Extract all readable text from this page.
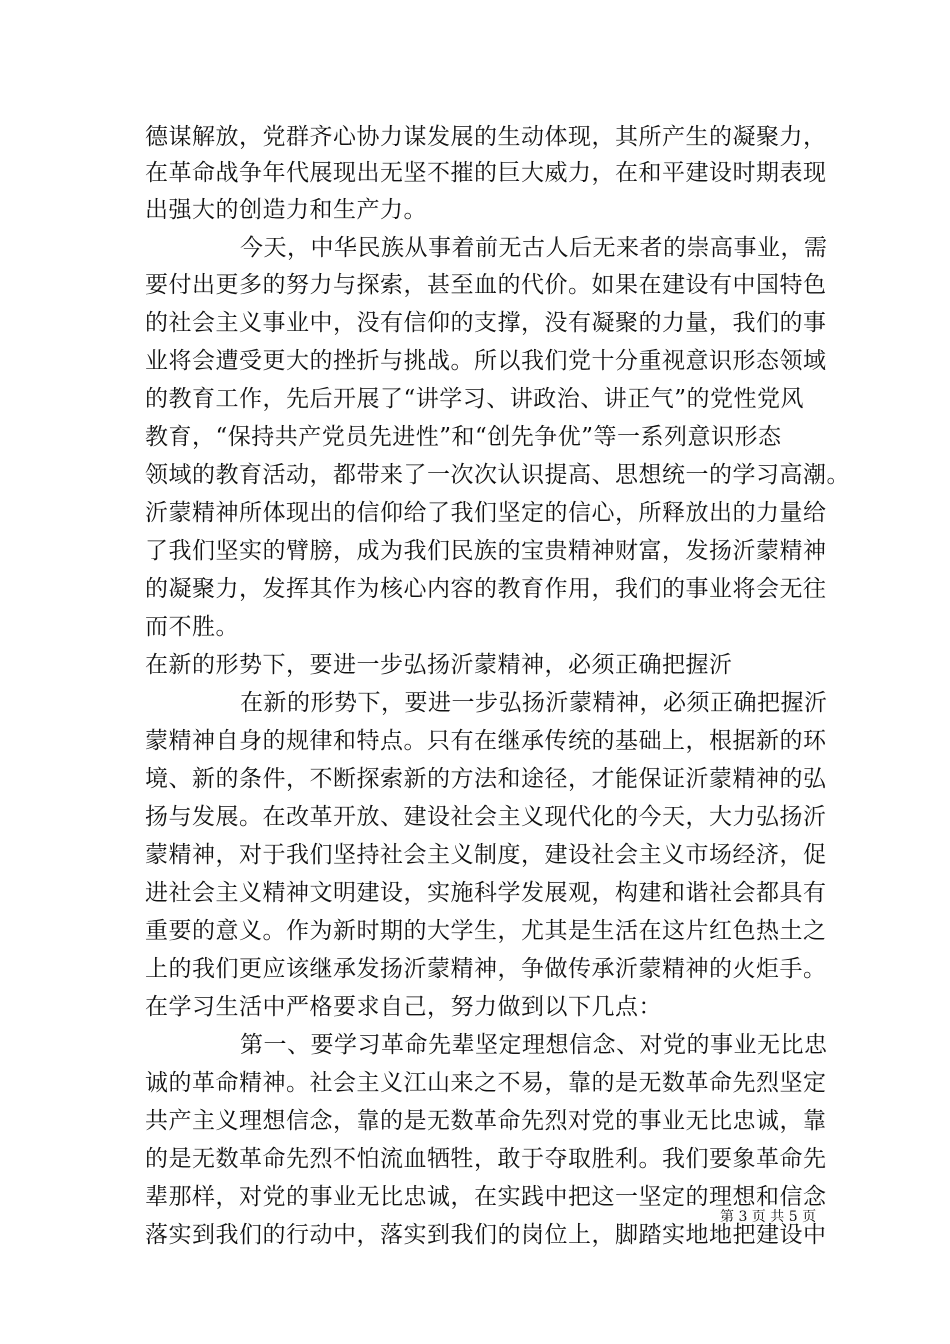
德谋解放，党群齐心协力谋发展的生动体现，其所产生的凝聚力，
在革命战争年代展现出无坚不摧的巨大威力，在和平建设时期表现
出强大的创造力和生产力。
今天，中华民族从事着前无古人后无来者的崇高事业，需
要付出更多的努力与探索，甚至血的代价。如果在建设有中国特色
的社会主义事业中，没有信仰的支撑，没有凝聚的力量，我们的事
业将会遭受更大的挫折与挑战。所以我们党十分重视意识形态领域
的教育工作，先后开展了“讲学习、讲政治、讲正气”的党性党风
教育，“保持共产党员先进性”和“创先争优”等一系列意识形态
领域的教育活动，都带来了一次次认识提高、思想统一的学习高潮。
沂蒙精神所体现出的信仰给了我们坚定的信心，所释放出的力量给
了我们坚实的臂膀，成为我们民族的宝贵精神财富，发扬沂蒙精神
的凝聚力，发挥其作为核心内容的教育作用，我们的事业将会无往
而不胜。
在新的形势下，要进一步弘扬沂蒙精神，必须正确把握沂
在新的形势下，要进一步弘扬沂蒙精神，必须正确把握沂
蒙精神自身的规律和特点。只有在继承传统的基础上，根据新的环
境、新的条件，不断探索新的方法和途径，才能保证沂蒙精神的弘
扬与发展。在改革开放、建设社会主义现代化的今天，大力弘扬沂
蒙精神，对于我们坚持社会主义制度，建设社会主义市场经济，促
进社会主义精神文明建设，实施科学发展观，构建和谐社会都具有
重要的意义。作为新时期的大学生，尤其是生活在这片红色热土之
上的我们更应该继承发扬沂蒙精神，争做传承沂蒙精神的火炬手。
在学习生活中严格要求自己，努力做到以下几点：
第一、要学习革命先辈坚定理想信念、对党的事业无比忠
诚的革命精神。社会主义江山来之不易，靠的是无数革命先烈坚定
共产主义理想信念，靠的是无数革命先烈对党的事业无比忠诚，靠
的是无数革命先烈不怕流血牺牲，敢于夺取胜利。我们要象革命先
辈那样，对党的事业无比忠诚，在实践中把这一坚定的理想和信念
落实到我们的行动中，落实到我们的岗位上，脚踏实地地把建设中
第 3 页 共 5 页
